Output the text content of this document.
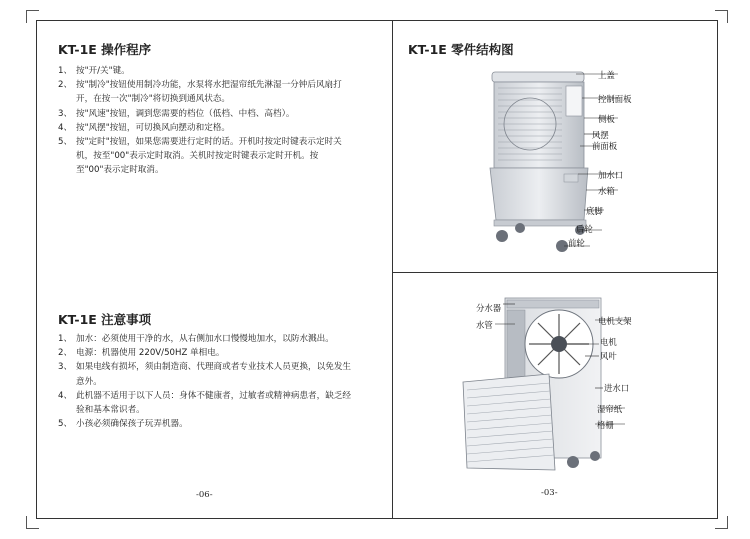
KT-1E 操作程序
1、 按"开/关"键。
2、 按"制冷"按钮使用制冷功能，水泵将水把湿帘纸先淋湿一分钟后风扇打开，在按一次"制冷"将切换到通风状态。
3、 按"风速"按钮，调到您需要的档位（低档、中档、高档）。
4、 按"风摆"按钮，可切换风向摆动和定格。
5、 按"定时"按钮，如果您需要进行定时的话。开机时按定时键表示定时关机，按至"00"表示定时取消。关机时按定时键表示定时开机。按至"00"表示定时取消。
KT-1E 注意事项
1、 加水：必须使用干净的水，从右侧加水口慢慢地加水，以防水溅出。
2、 电源：机器使用 220V/50HZ 单相电。
3、 如果电线有损坏，须由制造商、代理商或者专业技术人员更换，以免发生意外。
4、 此机器不适用于以下人员：身体不健康者，过敏者或精神病患者，缺乏经验和基本常识者。
5、 小孩必须确保孩子玩弄机器。
-06-
KT-1E 零件结构图
上盖
控制面板
侧板
风摆
前面板
加水口
水箱
底脚
后轮
前轮
分水器
水管	电机支架
电机
风叶
进水口
湿帘纸
格栅
-03-
